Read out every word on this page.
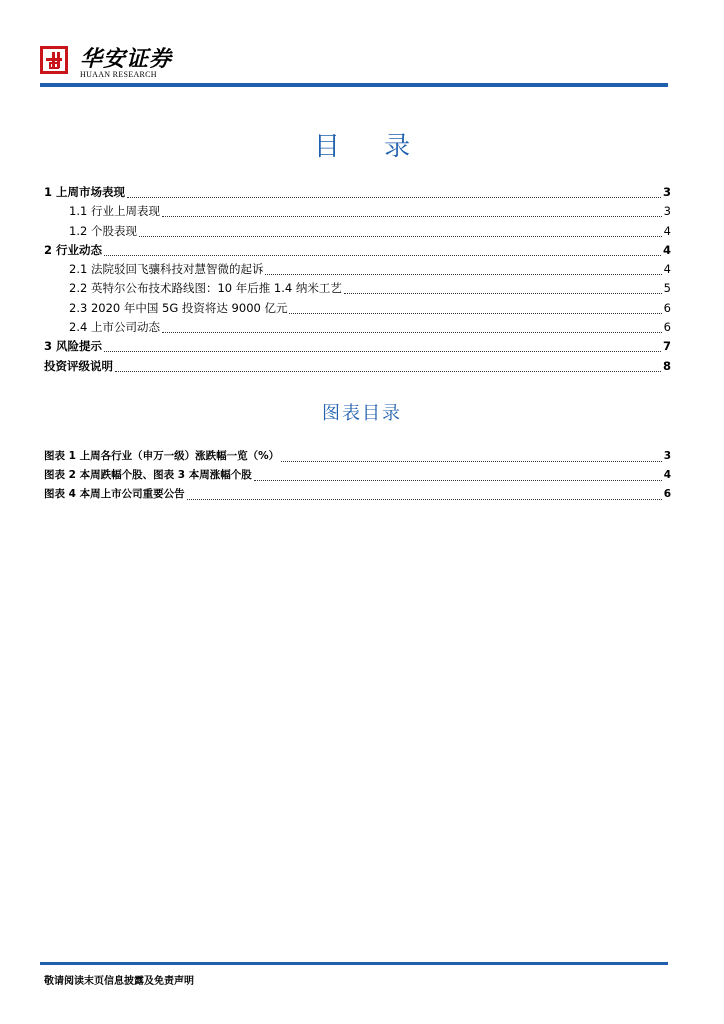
华安证券
HUAAN RESEARCH
目 录
1 上周市场表现	3
1.1 行业上周表现	3
1.2 个股表现	4
2 行业动态	4
2.1 法院驳回飞骧科技对慧智微的起诉	4
2.2 英特尔公布技术路线图：10 年后推 1.4 纳米工艺	5
2.3 2020 年中国 5G 投资将达 9000 亿元	6
2.4 上市公司动态	6
3 风险提示	7
投资评级说明	8
图表目录
图表 1 上周各行业（申万一级）涨跌幅一览（%）	3
图表 2 本周跌幅个股、图表 3 本周涨幅个股	4
图表 4 本周上市公司重要公告	6
敬请阅读末页信息披露及免责声明
